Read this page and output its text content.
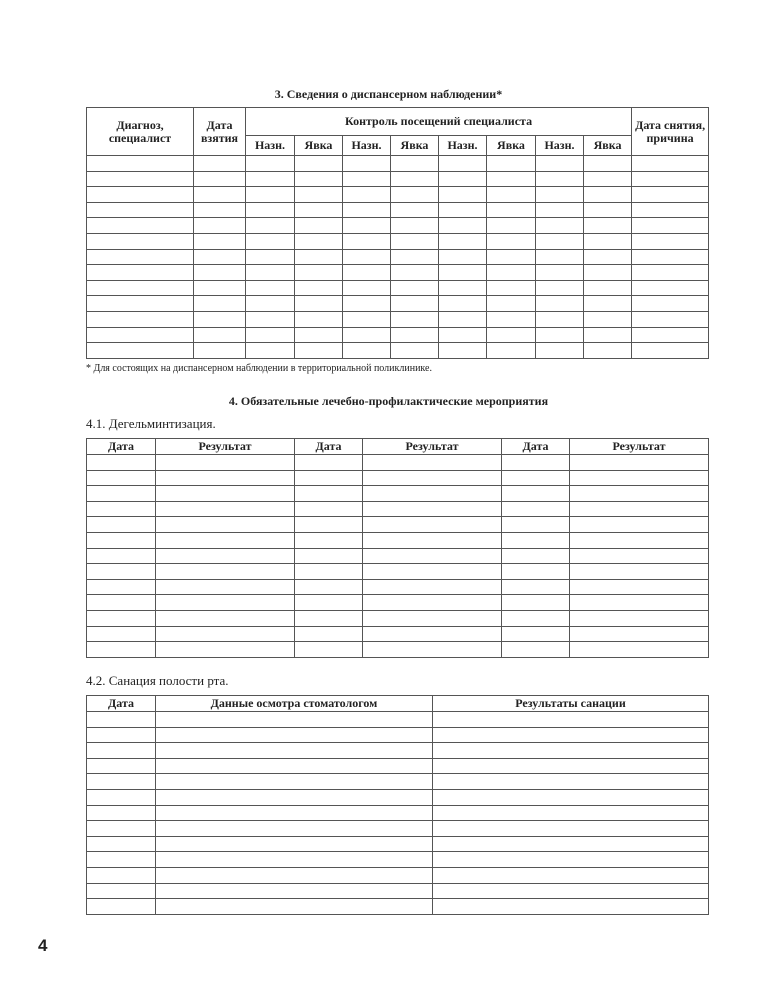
3. Сведения о диспансерном наблюдении*
Диагноз, специалист	Дата взятия	Контроль посещений специалиста								Дата снятия, причина
		Назн.	Явка	Назн.	Явка	Назн.	Явка	Назн.	Явка	

* Для состоящих на диспансерном наблюдении в территориальной поликлинике.
4. Обязательные лечебно-профилактические мероприятия
4.1. Дегельминтизация.
Дата	Результат	Дата	Результат	Дата	Результат

4.2. Санация полости рта.
Дата	Данные осмотра стоматологом	Результаты санации

4
